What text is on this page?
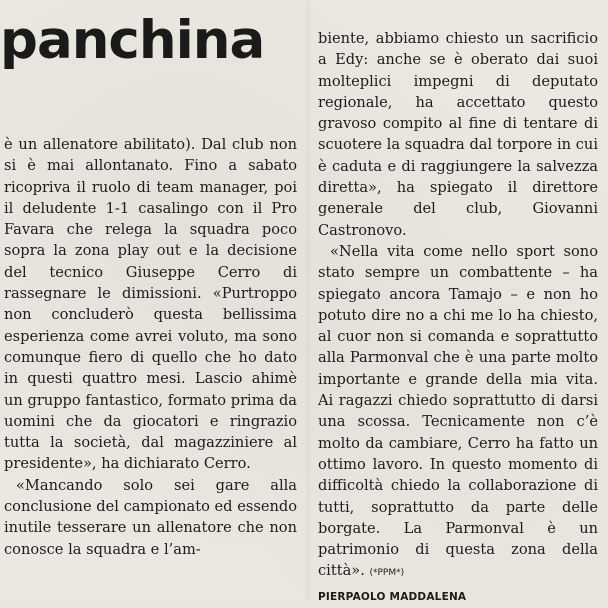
panchina

è un allenatore abilitato). Dal club non si è mai allontanato. Fino a sabato ricopriva il ruolo di team manager, poi il deludente 1-1 casalingo con il Pro Favara che relega la squadra poco sopra la zona play out e la decisione del tecnico Giuseppe Cerro di rassegnare le dimissioni. «Purtroppo non concluderò questa bellissima esperienza come avrei voluto, ma sono comunque fiero di quello che ho dato in questi quattro mesi. Lascio ahimè un gruppo fantastico, formato prima da uomini che da giocatori e ringrazio tutta la società, dal magazziniere al presidente», ha dichiarato Cerro.

«Mancando solo sei gare alla conclusione del campionato ed essendo inutile tesserare un allenatore che non conosce la squadra e l’am-

biente, abbiamo chiesto un sacrificio a Edy: anche se è oberato dai suoi molteplici impegni di deputato regionale, ha accettato questo gravoso compito al fine di tentare di scuotere la squadra dal torpore in cui è caduta e di raggiungere la salvezza diretta», ha spiegato il direttore generale del club, Giovanni Castronovo.

«Nella vita come nello sport sono stato sempre un combattente – ha spiegato ancora Tamajo – e non ho potuto dire no a chi me lo ha chiesto, al cuor non si comanda e soprattutto alla Parmonval che è una parte molto importante e grande della mia vita. Ai ragazzi chiedo soprattutto di darsi una scossa. Tecnicamente non c’è molto da cambiare, Cerro ha fatto un ottimo lavoro. In questo momento di difficoltà chiedo la collaborazione di tutti, soprattutto da parte delle borgate. La Parmonval è un patrimonio di questa zona della città». (*PPM*)

PIERPAOLO MADDALENA
